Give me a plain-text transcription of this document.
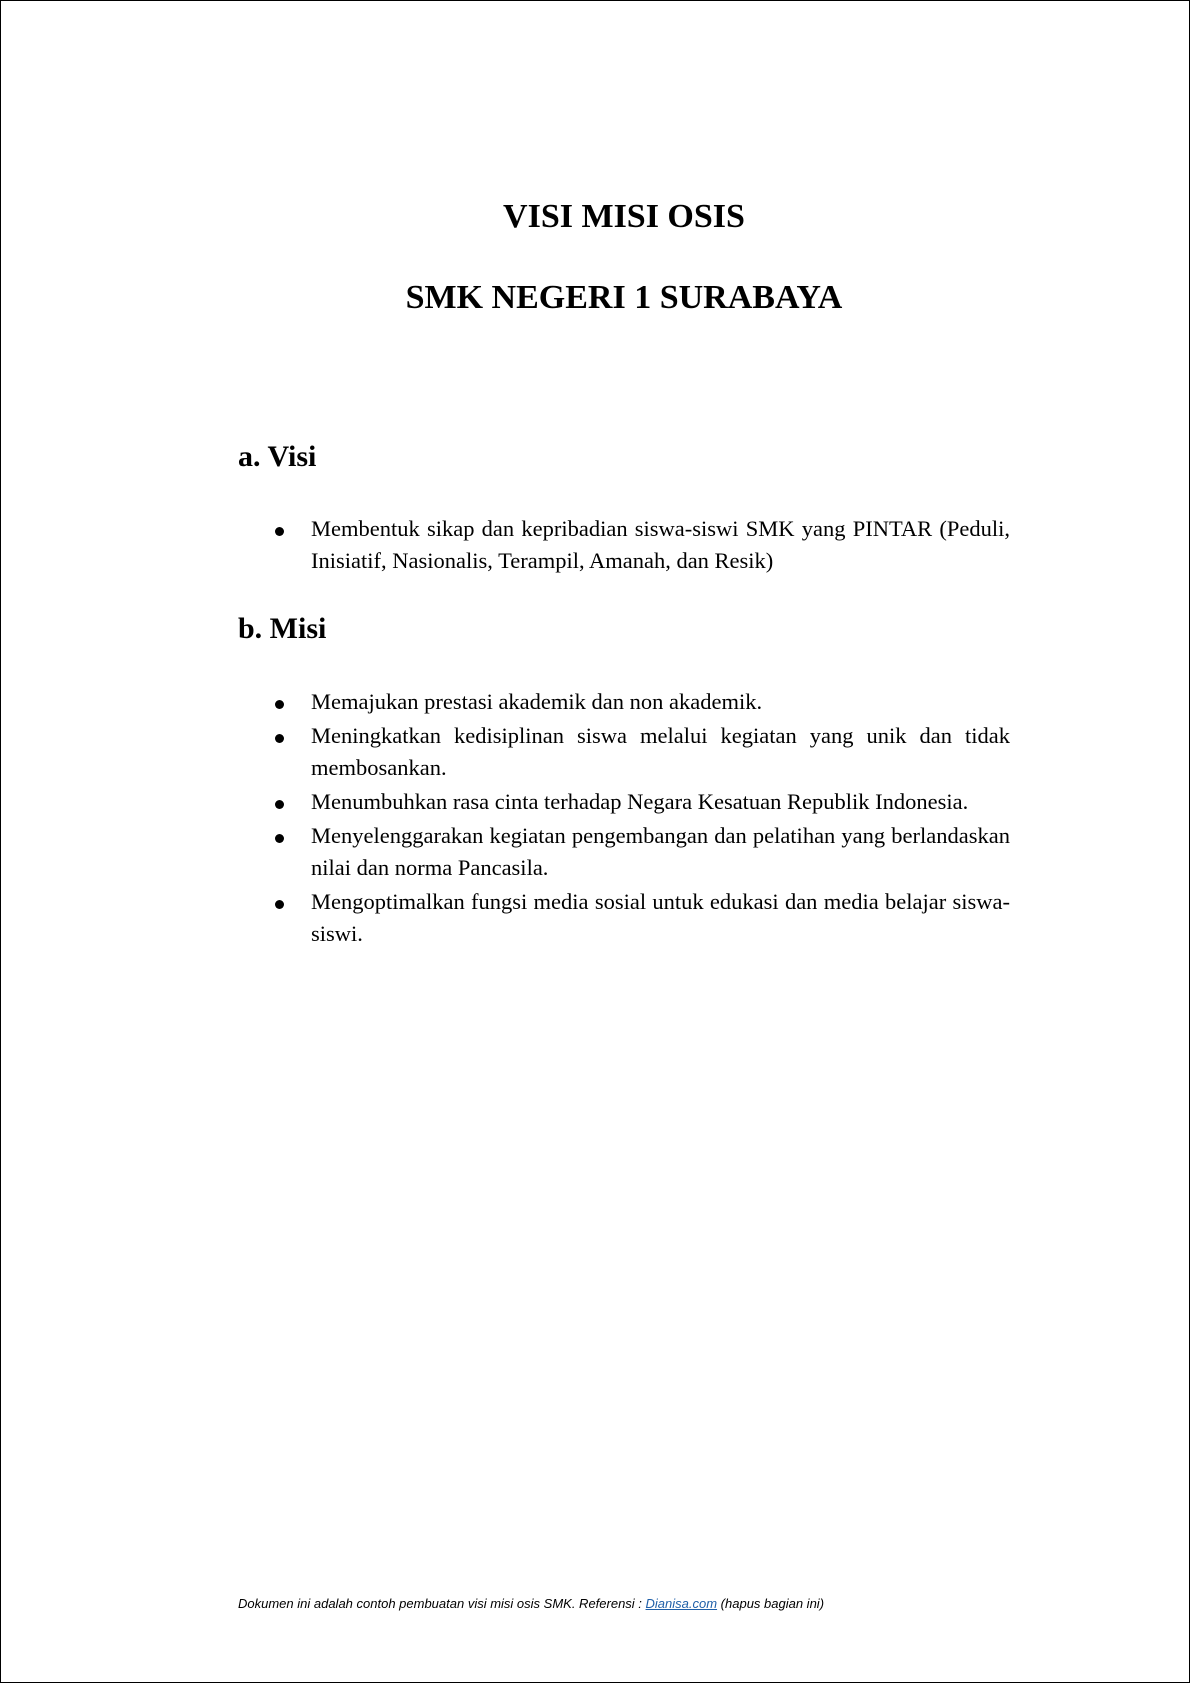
VISI MISI OSIS
SMK NEGERI 1 SURABAYA
a. Visi
Membentuk sikap dan kepribadian siswa-siswi SMK yang PINTAR (Peduli, Inisiatif, Nasionalis, Terampil, Amanah, dan Resik)
b. Misi
Memajukan prestasi akademik dan non akademik.
Meningkatkan kedisiplinan siswa melalui kegiatan yang unik dan tidak membosankan.
Menumbuhkan rasa cinta terhadap Negara Kesatuan Republik Indonesia.
Menyelenggarakan kegiatan pengembangan dan pelatihan yang berlandaskan nilai dan norma Pancasila.
Mengoptimalkan fungsi media sosial untuk edukasi dan media belajar siswa-siswi.
Dokumen ini adalah contoh pembuatan visi misi osis SMK. Referensi : Dianisa.com (hapus bagian ini)
